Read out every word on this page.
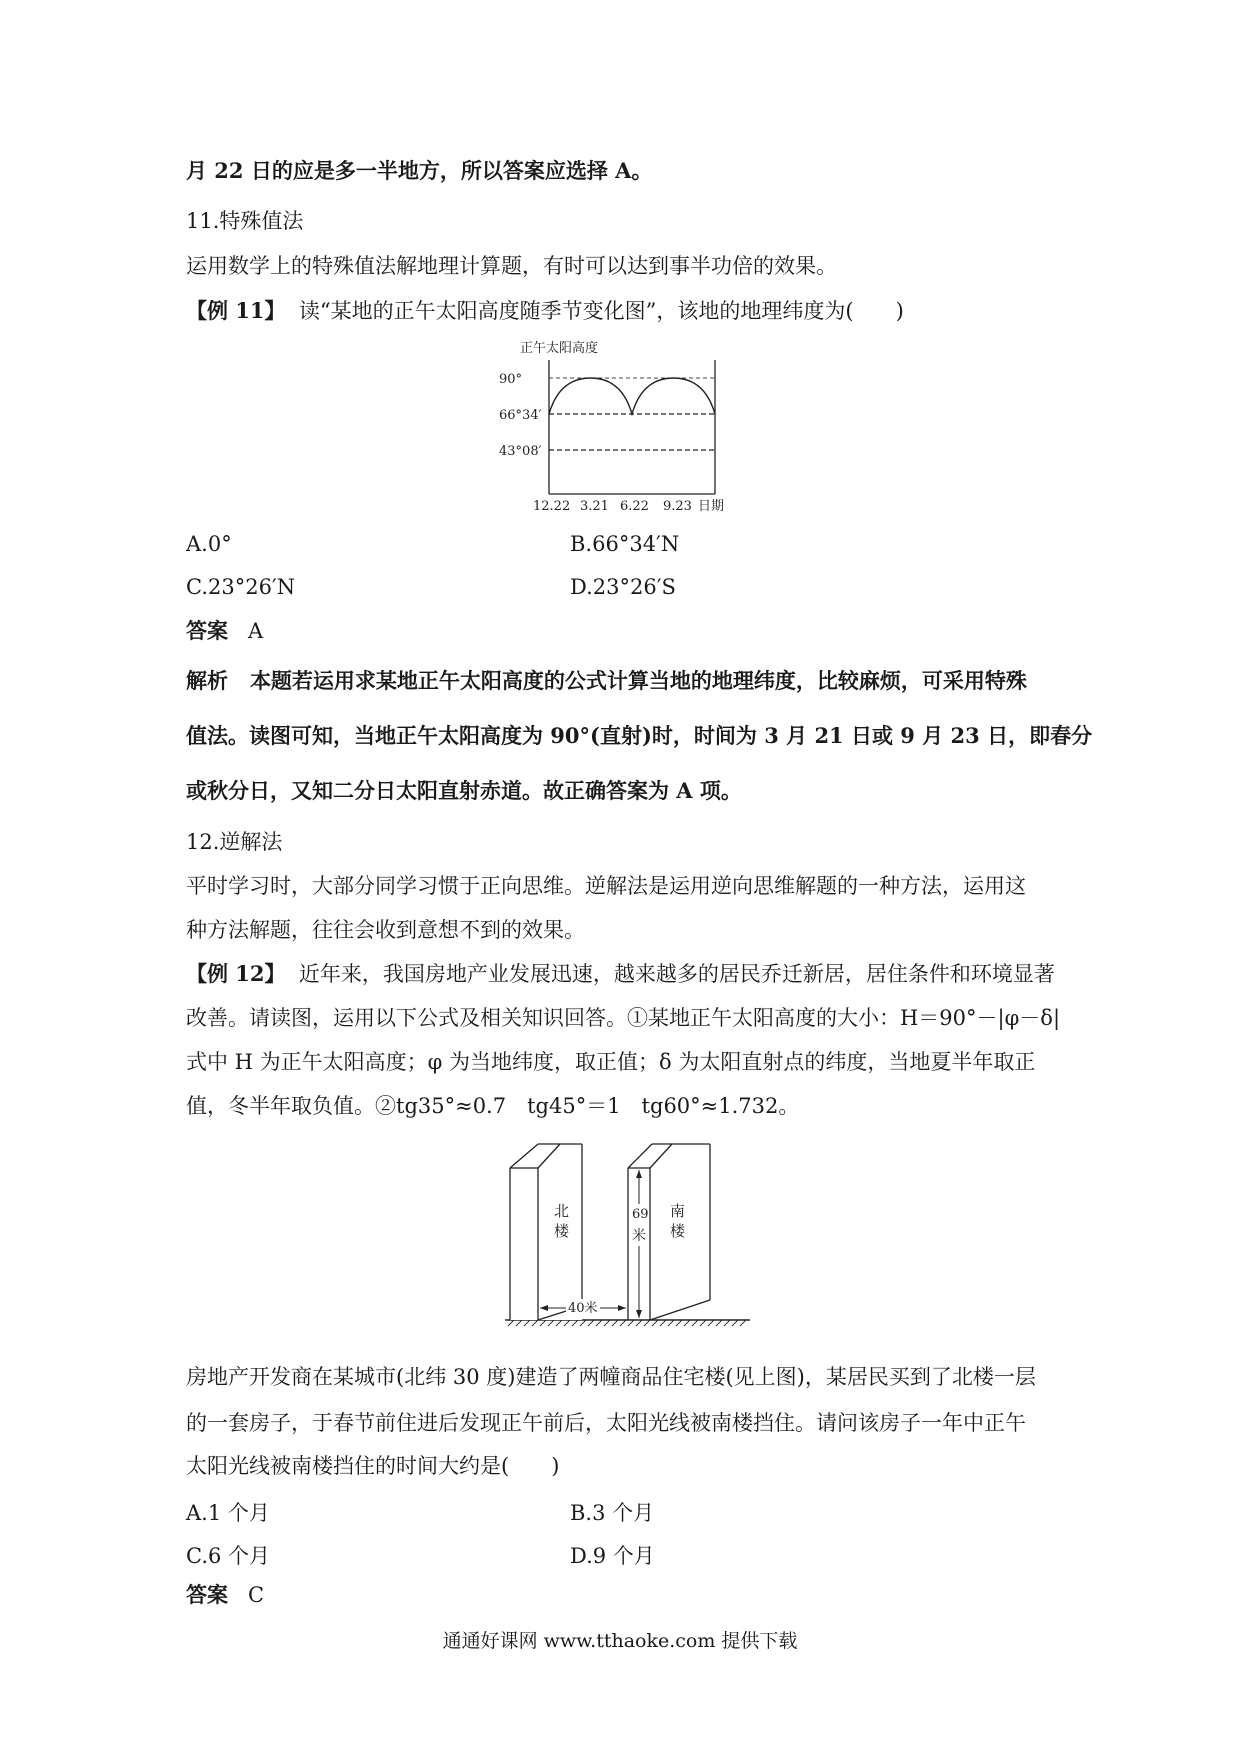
月 22 日的应是多一半地方，所以答案应选择 A。
11.特殊值法
运用数学上的特殊值法解地理计算题，有时可以达到事半功倍的效果。
【例 11】 读“某地的正午太阳高度随季节变化图”，该地的地理纬度为(　　)
正午太阳高度
90°
66°34′
43°08′
12.22 3.21 6.22 9.23 日期
A.0°	B.66°34′N
C.23°26′N	D.23°26′S
答案 A
解析 本题若运用求某地正午太阳高度的公式计算当地的地理纬度，比较麻烦，可采用特殊
值法。读图可知，当地正午太阳高度为 90°(直射)时，时间为 3 月 21 日或 9 月 23 日，即春分
或秋分日，又知二分日太阳直射赤道。故正确答案为 A 项。
12.逆解法
平时学习时，大部分同学习惯于正向思维。逆解法是运用逆向思维解题的一种方法，运用这
种方法解题，往往会收到意想不到的效果。
【例 12】 近年来，我国房地产业发展迅速，越来越多的居民乔迁新居，居住条件和环境显著
改善。请读图，运用以下公式及相关知识回答。①某地正午太阳高度的大小：H＝90°－|φ－δ|
式中 H 为正午太阳高度；φ 为当地纬度，取正值；δ 为太阳直射点的纬度，当地夏半年取正
值，冬半年取负值。②tg35°≈0.7　tg45°＝1　tg60°≈1.732。
北
楼
南
楼
69
米
40米
房地产开发商在某城市(北纬 30 度)建造了两幢商品住宅楼(见上图)，某居民买到了北楼一层
的一套房子，于春节前住进后发现正午前后，太阳光线被南楼挡住。请问该房子一年中正午
太阳光线被南楼挡住的时间大约是(　　)
A.1 个月	B.3 个月
C.6 个月	D.9 个月
答案 C
通通好课网 www.tthaoke.com 提供下载
